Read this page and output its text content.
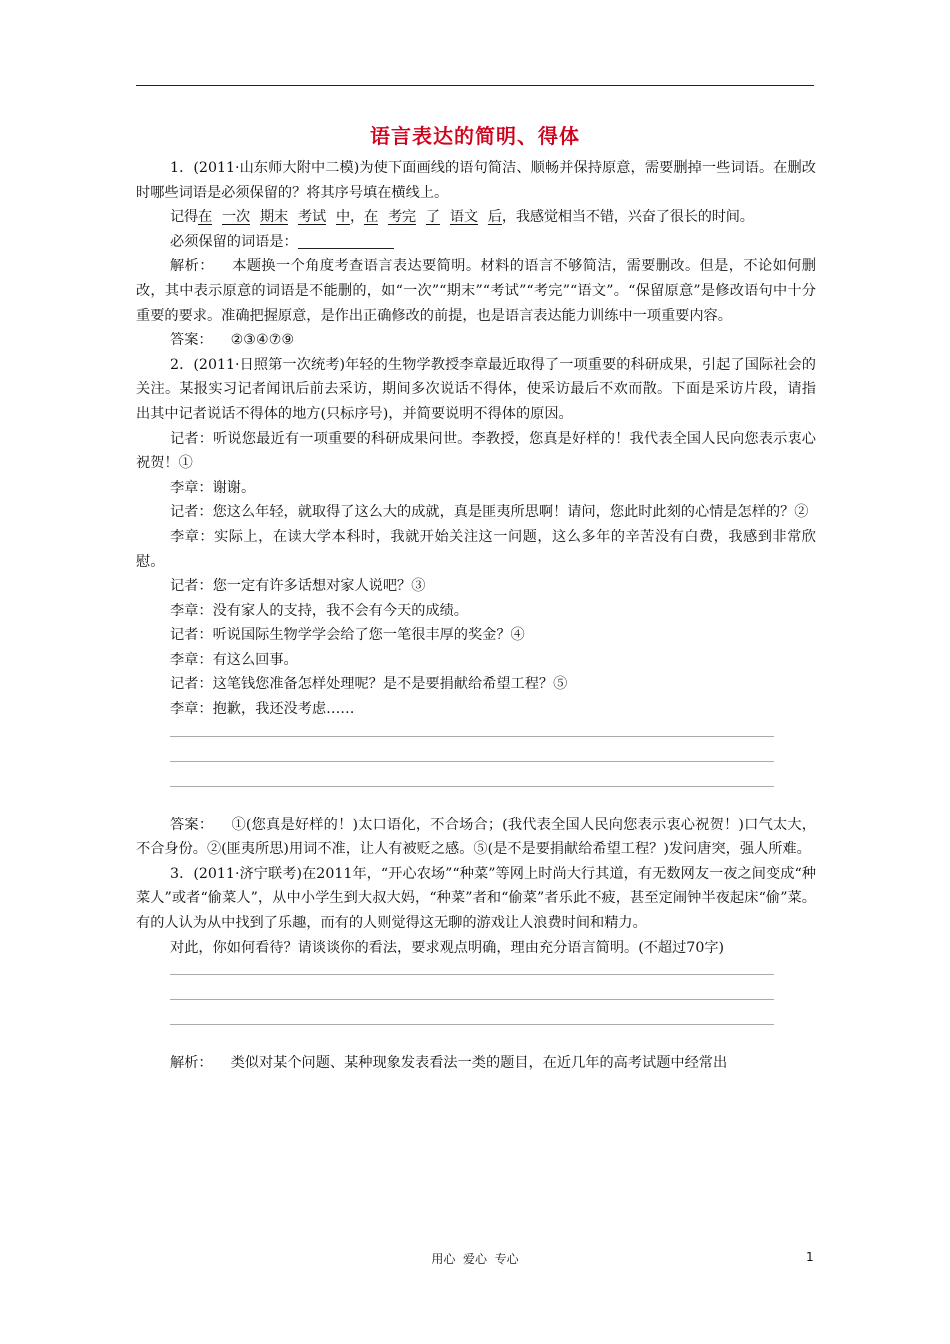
语言表达的简明、得体

1．(2011·山东师大附中二模)为使下面画线的语句简洁、顺畅并保持原意，需要删掉一些词语。在删改时哪些词语是必须保留的？将其序号填在横线上。

记得在 一次 期末 考试 中，在 考完 了 语文 后，我感觉相当不错，兴奋了很长的时间。

必须保留的词语是：

解析： 本题换一个角度考查语言表达要简明。材料的语言不够简洁，需要删改。但是，不论如何删改，其中表示原意的词语是不能删的，如“一次”“期末”“考试”“考完”“语文”。“保留原意”是修改语句中十分重要的要求。准确把握原意，是作出正确修改的前提，也是语言表达能力训练中一项重要内容。

答案： ②③④⑦⑨

2．(2011·日照第一次统考)年轻的生物学教授李章最近取得了一项重要的科研成果，引起了国际社会的关注。某报实习记者闻讯后前去采访，期间多次说话不得体，使采访最后不欢而散。下面是采访片段，请指出其中记者说话不得体的地方(只标序号)，并简要说明不得体的原因。

记者：听说您最近有一项重要的科研成果问世。李教授，您真是好样的！我代表全国人民向您表示衷心祝贺！①

李章：谢谢。

记者：您这么年轻，就取得了这么大的成就，真是匪夷所思啊！请问，您此时此刻的心情是怎样的？②

李章：实际上，在读大学本科时，我就开始关注这一问题，这么多年的辛苦没有白费，我感到非常欣慰。

记者：您一定有许多话想对家人说吧？③

李章：没有家人的支持，我不会有今天的成绩。

记者：听说国际生物学学会给了您一笔很丰厚的奖金？④

李章：有这么回事。

记者：这笔钱您准备怎样处理呢？是不是要捐献给希望工程？⑤

李章：抱歉，我还没考虑……

答案： ①(您真是好样的！)太口语化，不合场合；(我代表全国人民向您表示衷心祝贺！)口气太大，不合身份。②(匪夷所思)用词不准，让人有被贬之感。⑤(是不是要捐献给希望工程？)发问唐突，强人所难。

3．(2011·济宁联考)在2011年，“开心农场”“种菜”等网上时尚大行其道，有无数网友一夜之间变成“种菜人”或者“偷菜人”，从中小学生到大叔大妈，“种菜”者和“偷菜”者乐此不疲，甚至定闹钟半夜起床“偷”菜。有的人认为从中找到了乐趣，而有的人则觉得这无聊的游戏让人浪费时间和精力。

对此，你如何看待？请谈谈你的看法，要求观点明确，理由充分语言简明。(不超过70字)

解析： 类似对某个问题、某种现象发表看法一类的题目，在近几年的高考试题中经常出

用心  爱心  专心	1
